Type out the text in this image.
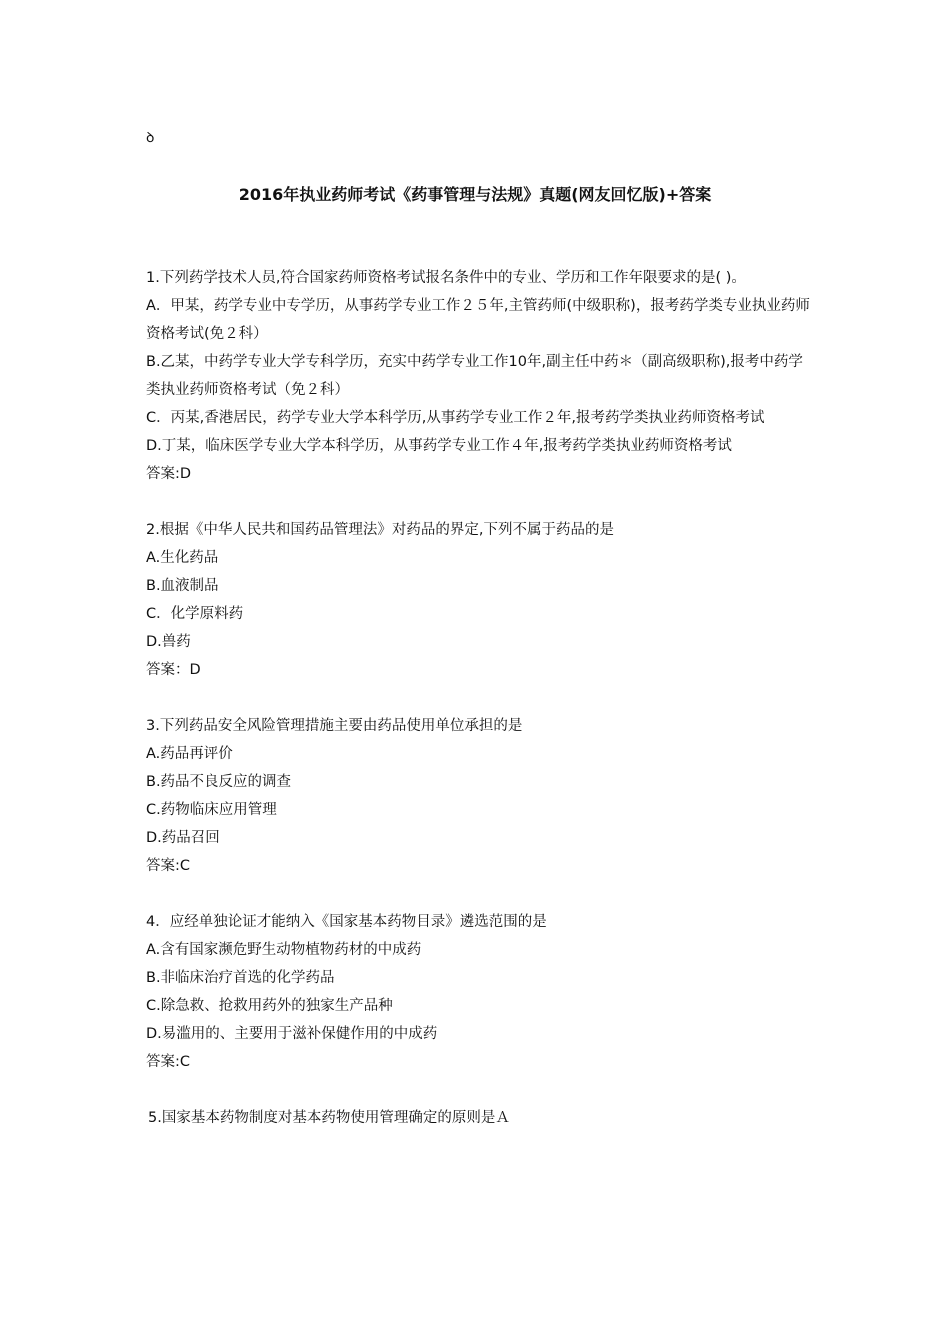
ꝺ
2016年执业药师考试《药事管理与法规》真题(网友回忆版)+答案

1.下列药学技术人员,符合国家药师资格考试报名条件中的专业、学历和工作年限要求的是( )。

A．甲某，药学专业中专学历，从事药学专业工作２５年,主管药师(中级职称)，报考药学类专业执业药师资格考试(免２科）

B.乙某，中药学专业大学专科学历，充实中药学专业工作10年,副主任中药＊（副高级职称),报考中药学类执业药师资格考试（免２科）

C．丙某,香港居民，药学专业大学本科学历,从事药学专业工作２年,报考药学类执业药师资格考试

D.丁某，临床医学专业大学本科学历，从事药学专业工作４年,报考药学类执业药师资格考试

答案:D

2.根据《中华人民共和国药品管理法》对药品的界定,下列不属于药品的是

A.生化药品

B.血液制品

C．化学原料药

D.兽药

答案：D

3.下列药品安全风险管理措施主要由药品使用单位承担的是

A.药品再评价

B.药品不良反应的调查

C.药物临床应用管理

D.药品召回

答案:C

4．应经单独论证才能纳入《国家基本药物目录》遴选范围的是

A.含有国家濒危野生动物植物药材的中成药

B.非临床治疗首选的化学药品

C.除急救、抢救用药外的独家生产品种

D.易滥用的、主要用于滋补保健作用的中成药

答案:C

5.国家基本药物制度对基本药物使用管理确定的原则是Ａ
